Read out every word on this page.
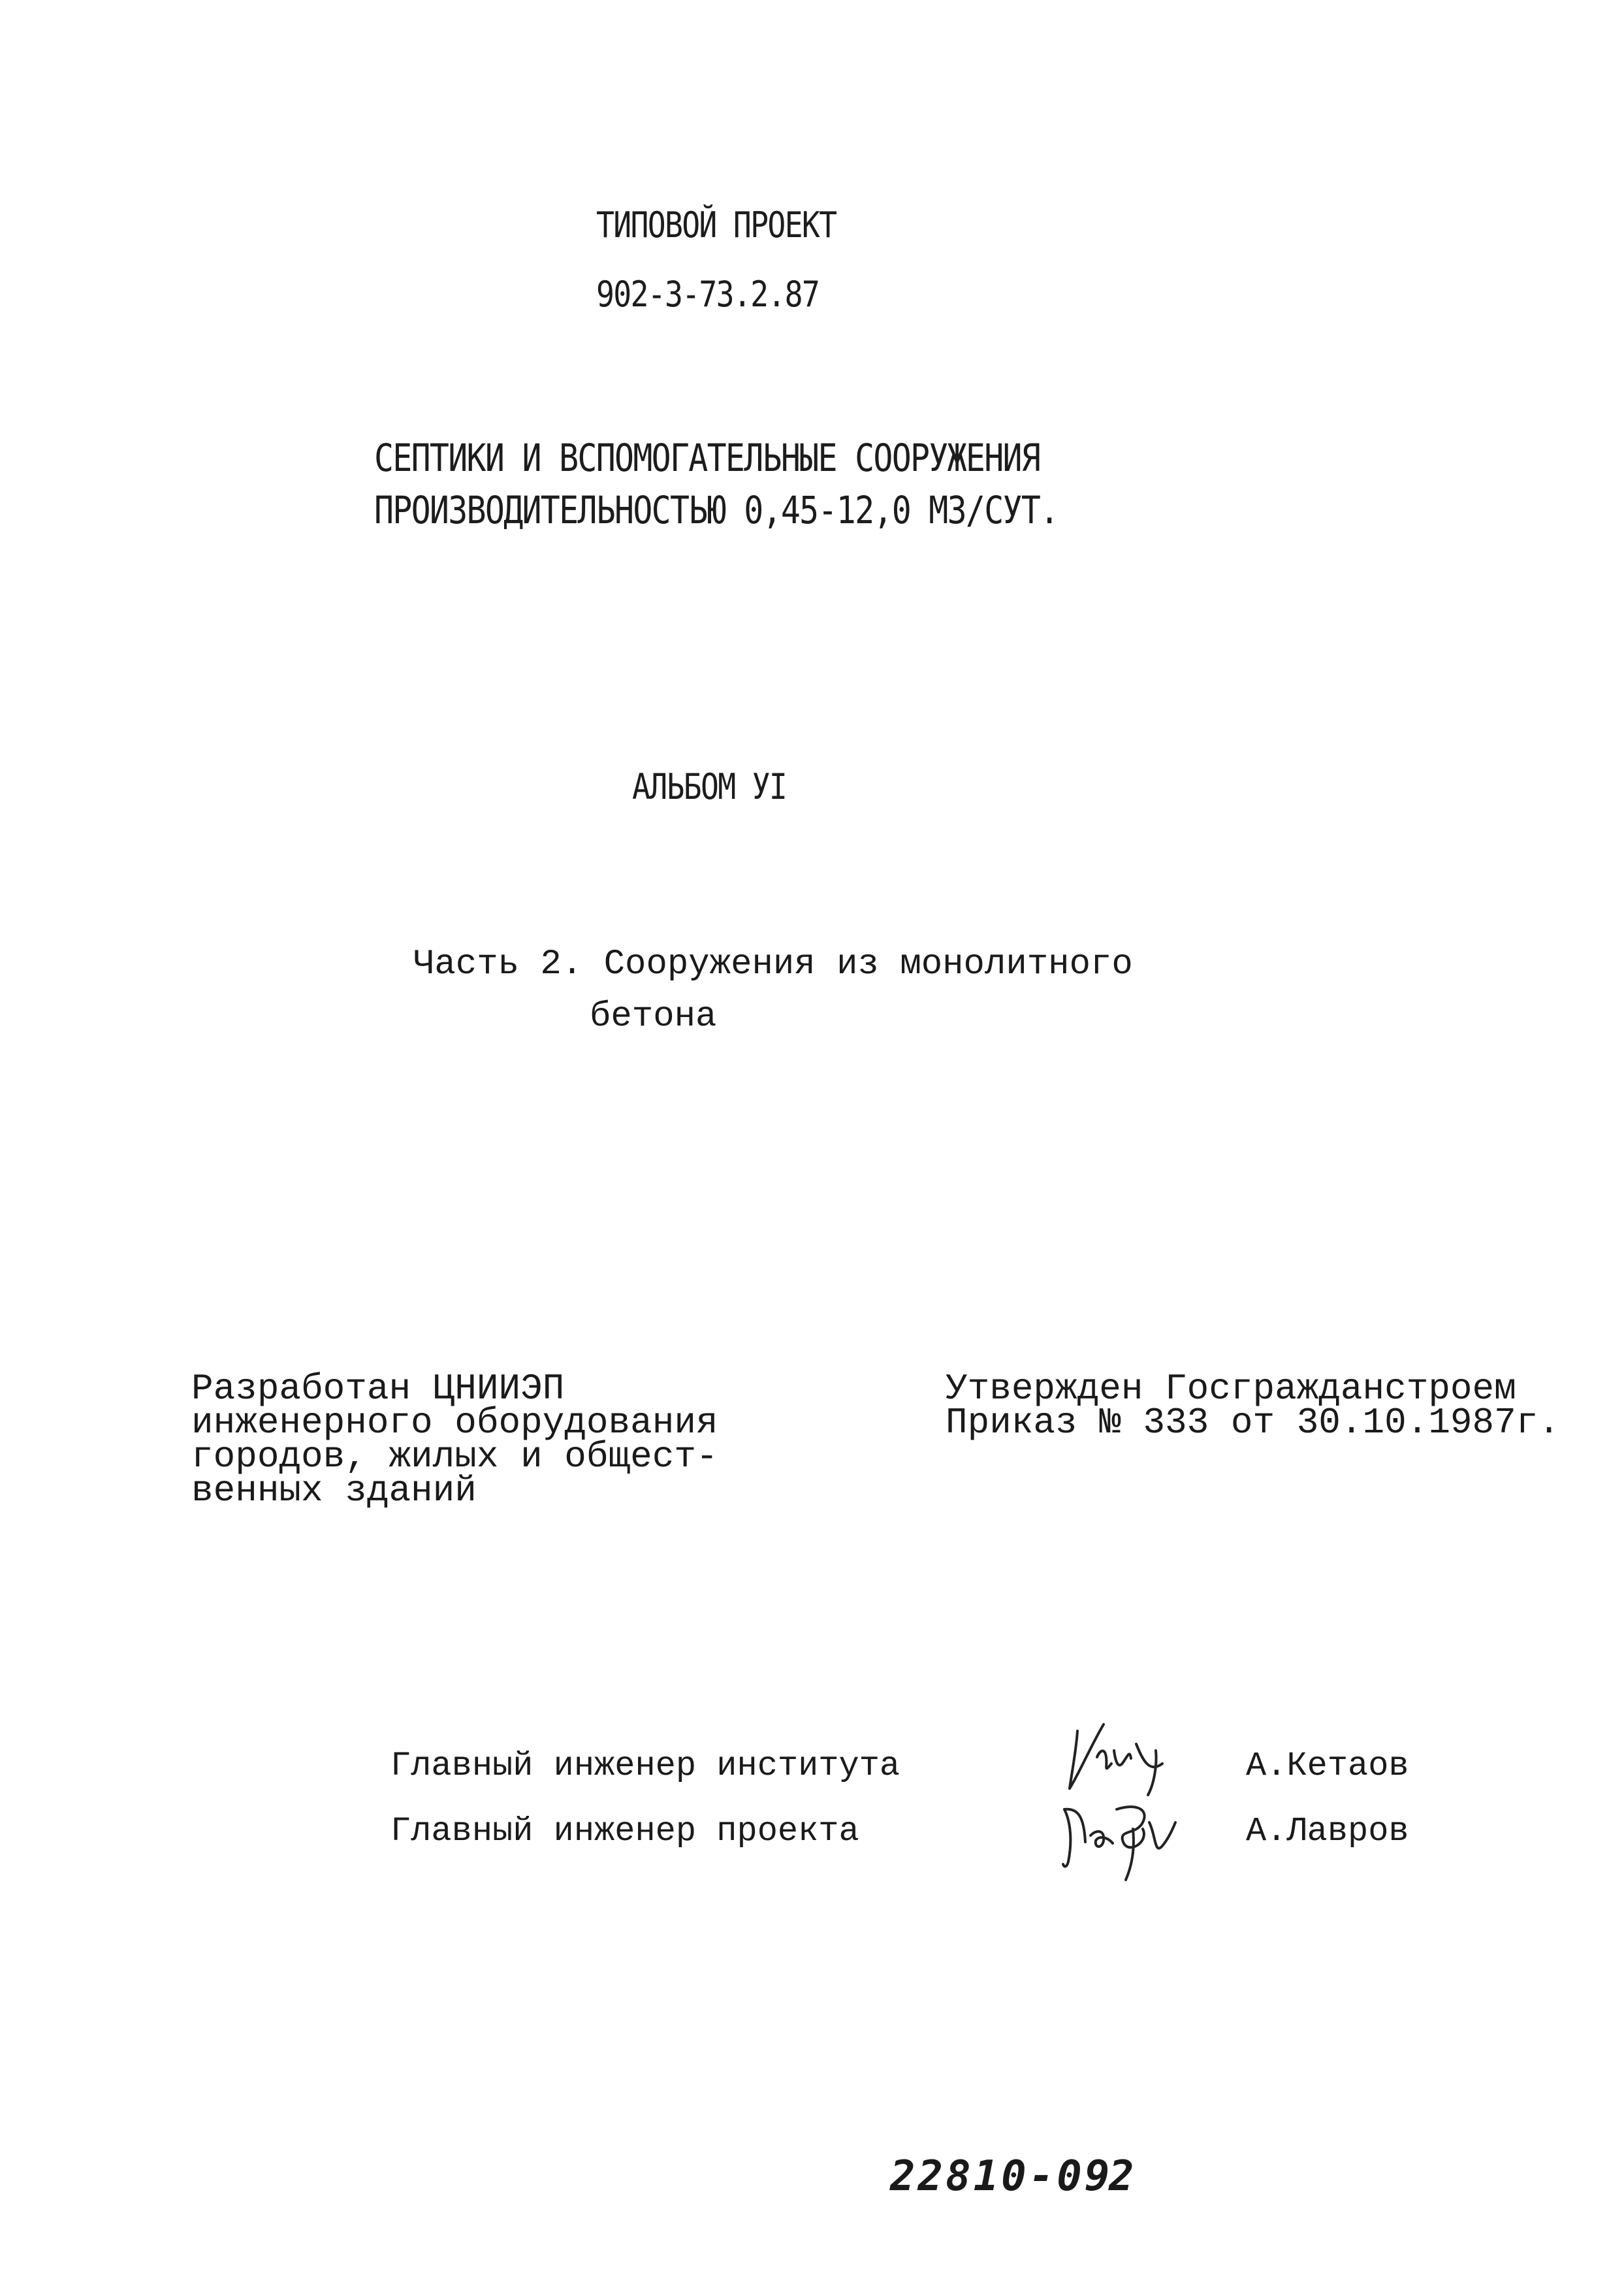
ТИПОВОЙ ПРОЕКТ
902-3-73.2.87
СЕПТИКИ И ВСПОМОГАТЕЛЬНЫЕ СООРУЖЕНИЯ
ПРОИЗВОДИТЕЛЬНОСТЬЮ 0,45-12,0 М3/СУТ.
АЛЬБОМ УI
Часть 2. Сооружения из монолитного
бетона
Разработан ЦНИИЭП
инженерного оборудования
городов, жилых и общест-
венных зданий
Утвержден Госгражданстроем
Приказ № 333 от 30.10.1987г.
Главный инженер института	А.Кетаов
Главный инженер проекта	А.Лавров
22810-09
2
